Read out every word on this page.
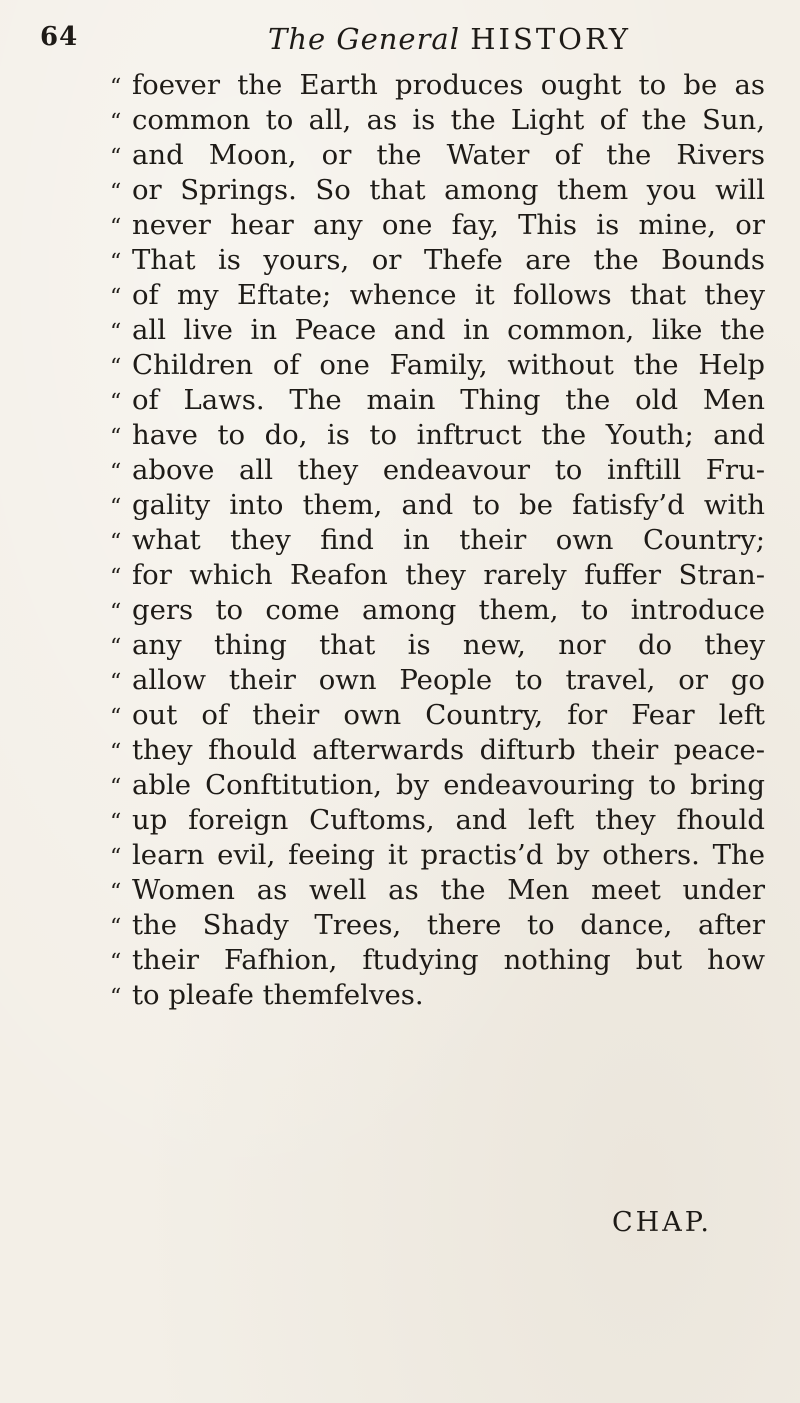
64	The General HISTORY
“ foever the Earth produces ought to be as
“ common to all, as is the Light of the Sun,
“ and Moon, or the Water of the Rivers
“ or Springs. So that among them you will
“ never hear any one fay, This is mine, or
“ That is yours, or Thefe are the Bounds
“ of my Eftate; whence it follows that they
“ all live in Peace and in common, like the
“ Children of one Family, without the Help
“ of Laws. The main Thing the old Men
“ have to do, is to inftruct the Youth; and
“ above all they endeavour to inftill Fru-
“ gality into them, and to be fatisfy’d with
“ what they find in their own Country;
“ for which Reafon they rarely fuffer Stran-
“ gers to come among them, to introduce
“ any thing that is new, nor do they
“ allow their own People to travel, or go
“ out of their own Country, for Fear left
“ they fhould afterwards difturb their peace-
“ able Conftitution, by endeavouring to bring
“ up foreign Cuftoms, and left they fhould
“ learn evil, feeing it practis’d by others. The
“ Women as well as the Men meet under
“ the Shady Trees, there to dance, after
“ their Fafhion, ftudying nothing but how
“ to pleafe themfelves.
CHAP.
